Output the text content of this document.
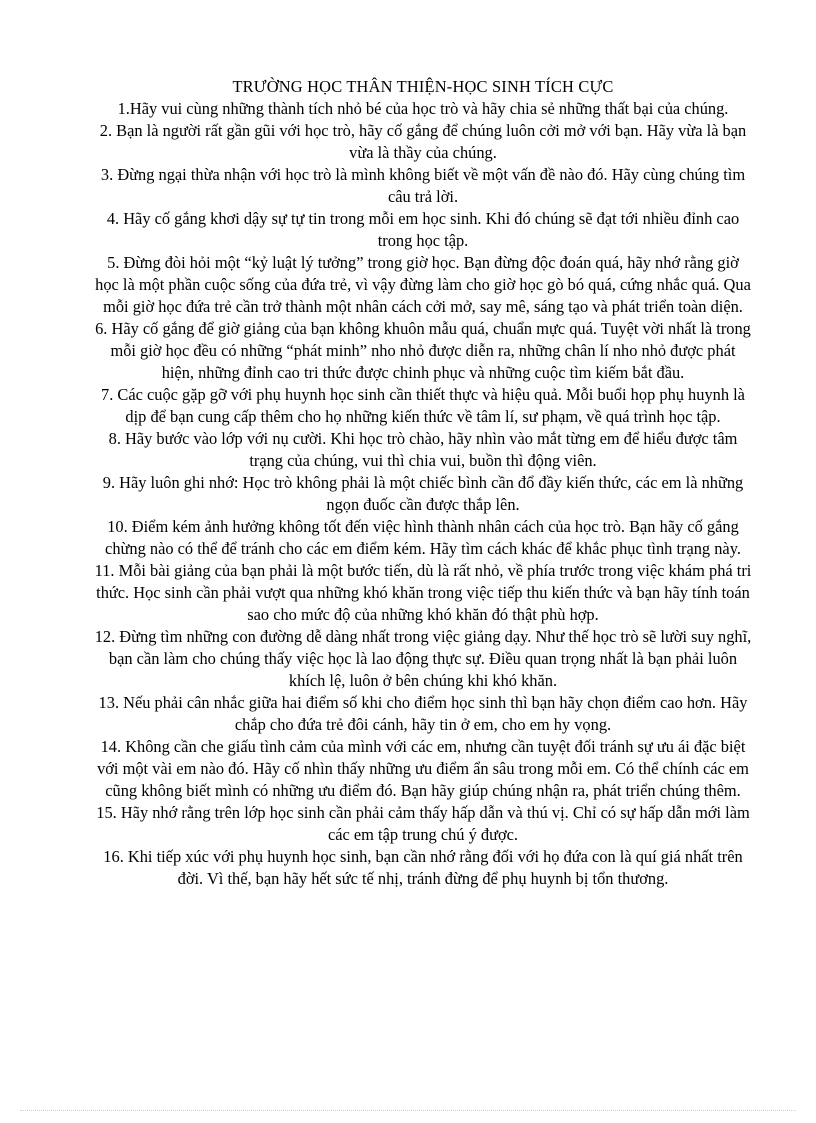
TRƯỜNG HỌC THÂN THIỆN-HỌC SINH TÍCH CỰC

1.Hãy vui cùng những thành tích nhỏ bé của học trò và hãy chia sẻ những thất bại của chúng.

2. Bạn là người rất gần gũi với học trò, hãy cố gắng để chúng luôn cởi mở với bạn. Hãy vừa là bạn vừa là thầy của chúng.

3. Đừng ngại thừa nhận với học trò là mình không biết về một vấn đề nào đó. Hãy cùng chúng tìm câu trả lời.

4. Hãy cố gắng khơi dậy sự tự tin trong mỗi em học sinh. Khi đó chúng sẽ đạt tới nhiều đỉnh cao trong học tập.

5. Đừng đòi hỏi một “kỷ luật lý tưởng” trong giờ học. Bạn đừng độc đoán quá, hãy nhớ rằng giờ học là một phần cuộc sống của đứa trẻ, vì vậy đừng làm cho giờ học gò bó quá, cứng nhắc quá. Qua mỗi giờ học đứa trẻ cần trở thành một nhân cách cởi mở, say mê, sáng tạo và phát triển toàn diện.

6. Hãy cố gắng để giờ giảng của bạn không khuôn mẫu quá, chuẩn mực quá. Tuyệt vời nhất là trong mỗi giờ học đều có những “phát minh” nho nhỏ được diễn ra, những chân lí nho nhỏ được phát hiện, những đỉnh cao tri thức được chinh phục và những cuộc tìm kiếm bắt đầu.

7. Các cuộc gặp gỡ với phụ huynh học sinh cần thiết thực và hiệu quả. Mỗi buổi họp phụ huynh là dịp để bạn cung cấp thêm cho họ những kiến thức về tâm lí, sư phạm, về quá trình học tập.

8. Hãy bước vào lớp với nụ cười. Khi học trò chào, hãy nhìn vào mắt từng em để hiểu được tâm trạng của chúng, vui thì chia vui, buồn thì động viên.

9. Hãy luôn ghi nhớ: Học trò không phải là một chiếc bình cần đổ đầy kiến thức, các em là những ngọn đuốc cần được thắp lên.

10. Điểm kém ảnh hưởng không tốt đến việc hình thành nhân cách của học trò. Bạn hãy cố gắng chừng nào có thể để tránh cho các em điểm kém. Hãy tìm cách khác để khắc phục tình trạng này.

11. Mỗi bài giảng của bạn phải là một bước tiến, dù là rất nhỏ, về phía trước trong việc khám phá tri thức. Học sinh cần phải vượt qua những khó khăn trong việc tiếp thu kiến thức và bạn hãy tính toán sao cho mức độ của những khó khăn đó thật phù hợp.

12. Đừng tìm những con đường dễ dàng nhất trong việc giảng dạy. Như thế học trò sẽ lười suy nghĩ, bạn cần làm cho chúng thấy việc học là lao động thực sự. Điều quan trọng nhất là bạn phải luôn khích lệ, luôn ở bên chúng khi khó khăn.

13. Nếu phải cân nhắc giữa hai điểm số khi cho điểm học sinh thì bạn hãy chọn điểm cao hơn. Hãy chắp cho đứa trẻ đôi cánh, hãy tin ở em, cho em hy vọng.

14. Không cần che giấu tình cảm của mình với các em, nhưng cần tuyệt đối tránh sự ưu ái đặc biệt với một vài em nào đó. Hãy cố nhìn thấy những ưu điểm ẩn sâu trong mỗi em. Có thể chính các em cũng không biết mình có những ưu điểm đó. Bạn hãy giúp chúng nhận ra, phát triển chúng thêm.

15. Hãy nhớ rằng trên lớp học sinh cần phải cảm thấy hấp dẫn và thú vị. Chỉ có sự hấp dẫn mới làm các em tập trung chú ý được.

16. Khi tiếp xúc với phụ huynh học sinh, bạn cần nhớ rằng đối với họ đứa con là quí giá nhất trên đời. Vì thế, bạn hãy hết sức tế nhị, tránh đừng để phụ huynh bị tổn thương.
